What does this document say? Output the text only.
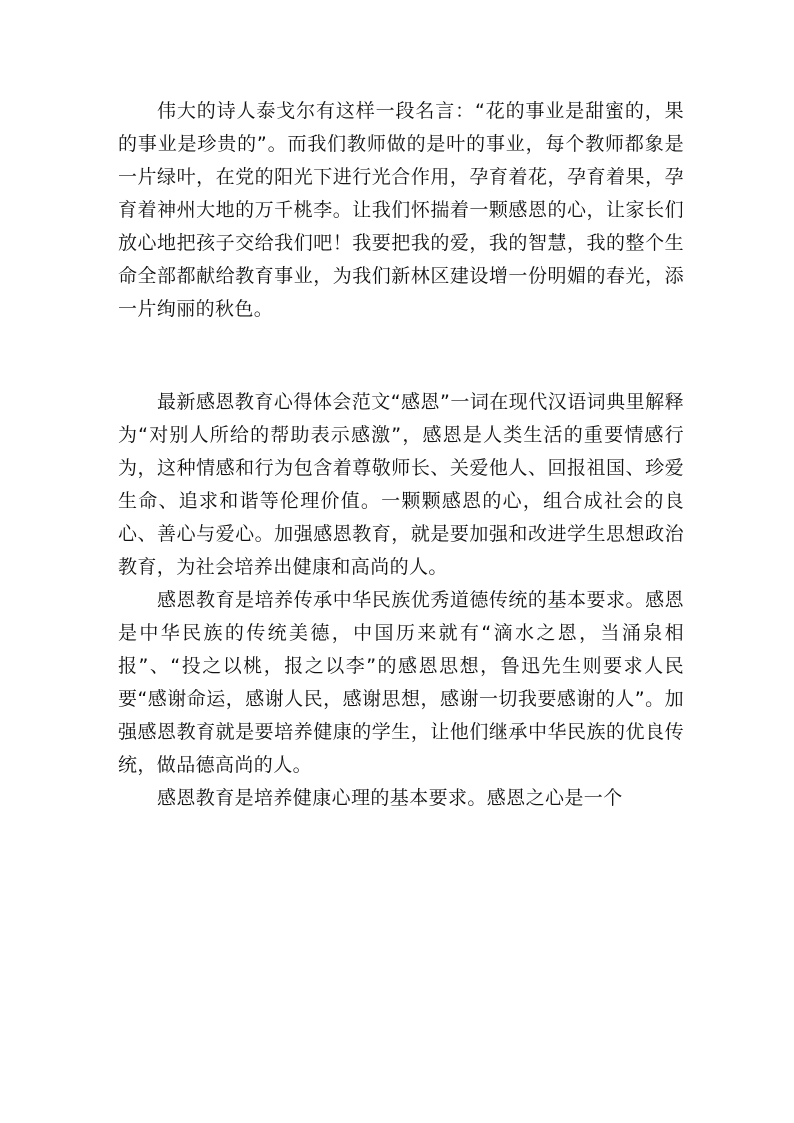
伟大的诗人泰戈尔有这样一段名言：“花的事业是甜蜜的，果的事业是珍贵的”。而我们教师做的是叶的事业，每个教师都象是一片绿叶，在党的阳光下进行光合作用，孕育着花，孕育着果，孕育着神州大地的万千桃李。让我们怀揣着一颗感恩的心，让家长们放心地把孩子交给我们吧！我要把我的爱，我的智慧，我的整个生命全部都献给教育事业，为我们新林区建设增一份明媚的春光，添一片绚丽的秋色。

最新感恩教育心得体会范文“感恩”一词在现代汉语词典里解释为“对别人所给的帮助表示感激”，感恩是人类生活的重要情感行为，这种情感和行为包含着尊敬师长、关爱他人、回报祖国、珍爱生命、追求和谐等伦理价值。一颗颗感恩的心，组合成社会的良心、善心与爱心。加强感恩教育，就是要加强和改进学生思想政治教育，为社会培养出健康和高尚的人。

感恩教育是培养传承中华民族优秀道德传统的基本要求。感恩是中华民族的传统美德，中国历来就有“滴水之恩，当涌泉相报”、“投之以桃，报之以李”的感恩思想，鲁迅先生则要求人民要“感谢命运，感谢人民，感谢思想，感谢一切我要感谢的人”。加强感恩教育就是要培养健康的学生，让他们继承中华民族的优良传统，做品德高尚的人。

感恩教育是培养健康心理的基本要求。感恩之心是一个
